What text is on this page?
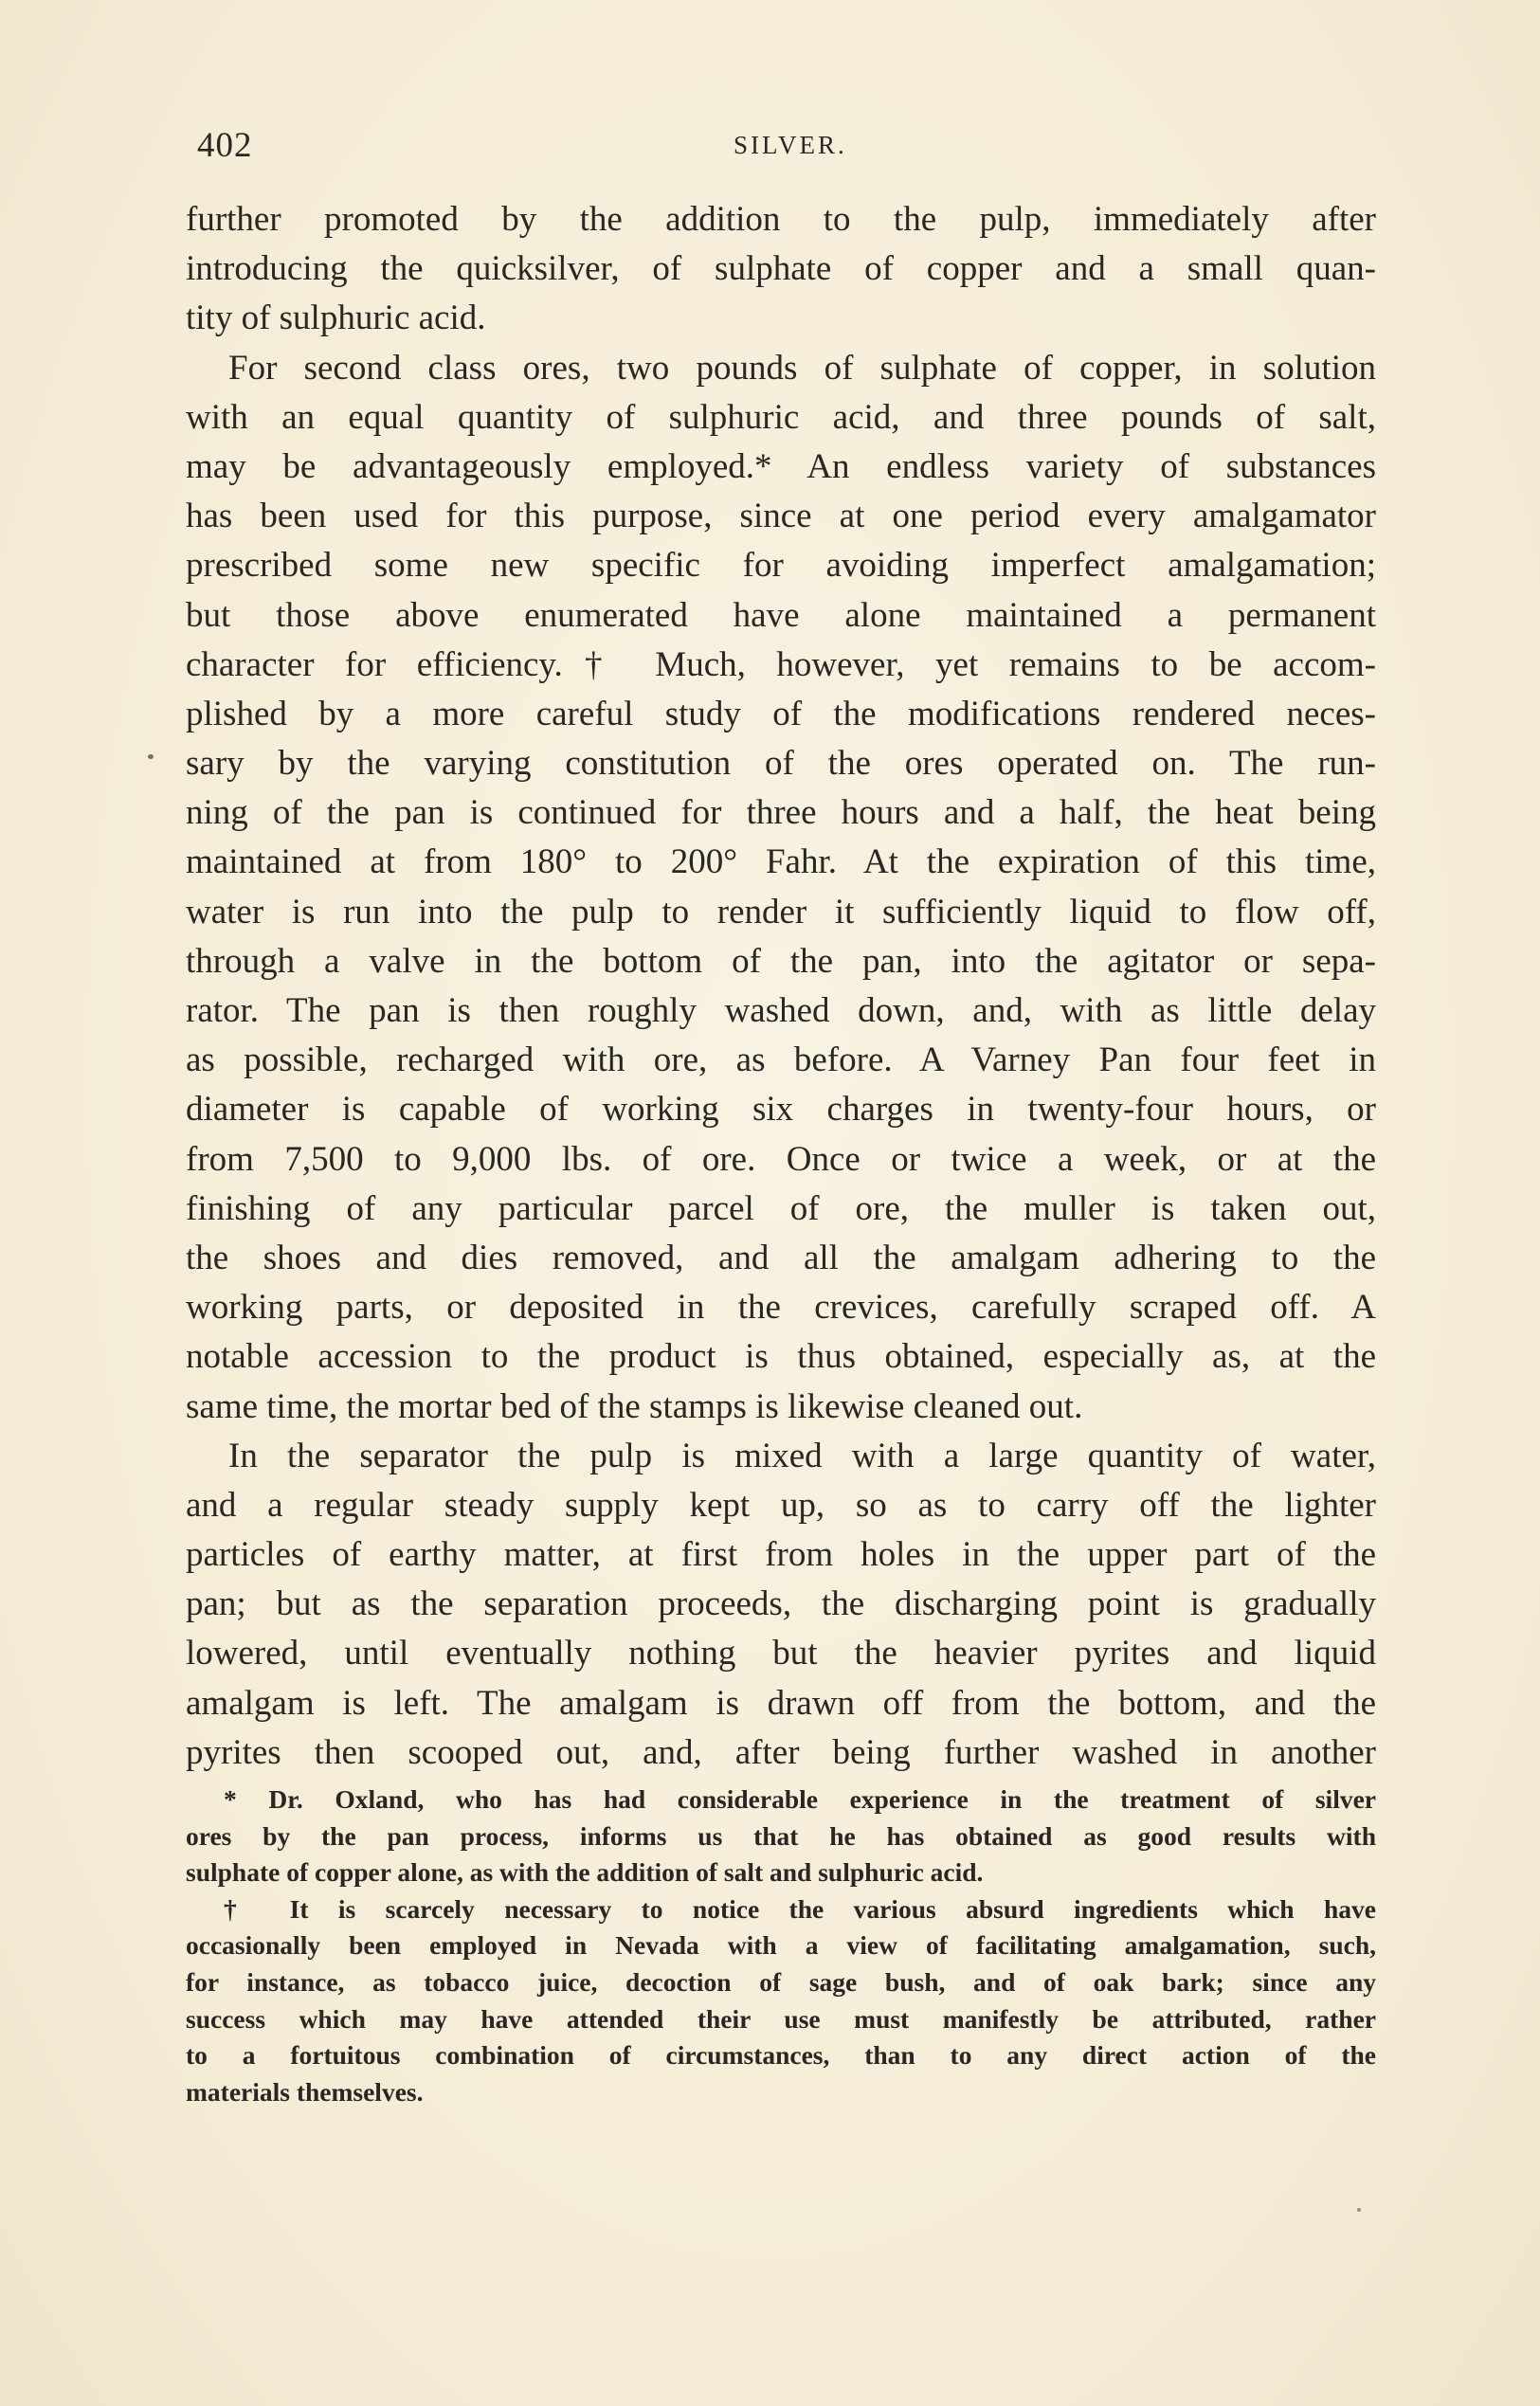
402	SILVER.
further promoted by the addition to the pulp, immediately after
introducing the quicksilver, of sulphate of copper and a small quan-
tity of sulphuric acid.
For second class ores, two pounds of sulphate of copper, in solution
with an equal quantity of sulphuric acid, and three pounds of salt,
may be advantageously employed.* An endless variety of substances
has been used for this purpose, since at one period every amalgamator
prescribed some new specific for avoiding imperfect amalgamation;
but those above enumerated have alone maintained a permanent
character for efficiency.† Much, however, yet remains to be accom-
plished by a more careful study of the modifications rendered neces-
sary by the varying constitution of the ores operated on. The run-
ning of the pan is continued for three hours and a half, the heat being
maintained at from 180° to 200° Fahr. At the expiration of this time,
water is run into the pulp to render it sufficiently liquid to flow off,
through a valve in the bottom of the pan, into the agitator or sepa-
rator. The pan is then roughly washed down, and, with as little delay
as possible, recharged with ore, as before. A Varney Pan four feet in
diameter is capable of working six charges in twenty-four hours, or
from 7,500 to 9,000 lbs. of ore. Once or twice a week, or at the
finishing of any particular parcel of ore, the muller is taken out,
the shoes and dies removed, and all the amalgam adhering to the
working parts, or deposited in the crevices, carefully scraped off. A
notable accession to the product is thus obtained, especially as, at the
same time, the mortar bed of the stamps is likewise cleaned out.
In the separator the pulp is mixed with a large quantity of water,
and a regular steady supply kept up, so as to carry off the lighter
particles of earthy matter, at first from holes in the upper part of the
pan; but as the separation proceeds, the discharging point is gradually
lowered, until eventually nothing but the heavier pyrites and liquid
amalgam is left. The amalgam is drawn off from the bottom, and the
pyrites then scooped out, and, after being further washed in another
* Dr. Oxland, who has had considerable experience in the treatment of silver
ores by the pan process, informs us that he has obtained as good results with
sulphate of copper alone, as with the addition of salt and sulphuric acid.
† It is scarcely necessary to notice the various absurd ingredients which have
occasionally been employed in Nevada with a view of facilitating amalgamation, such,
for instance, as tobacco juice, decoction of sage bush, and of oak bark; since any
success which may have attended their use must manifestly be attributed, rather
to a fortuitous combination of circumstances, than to any direct action of the
materials themselves.
